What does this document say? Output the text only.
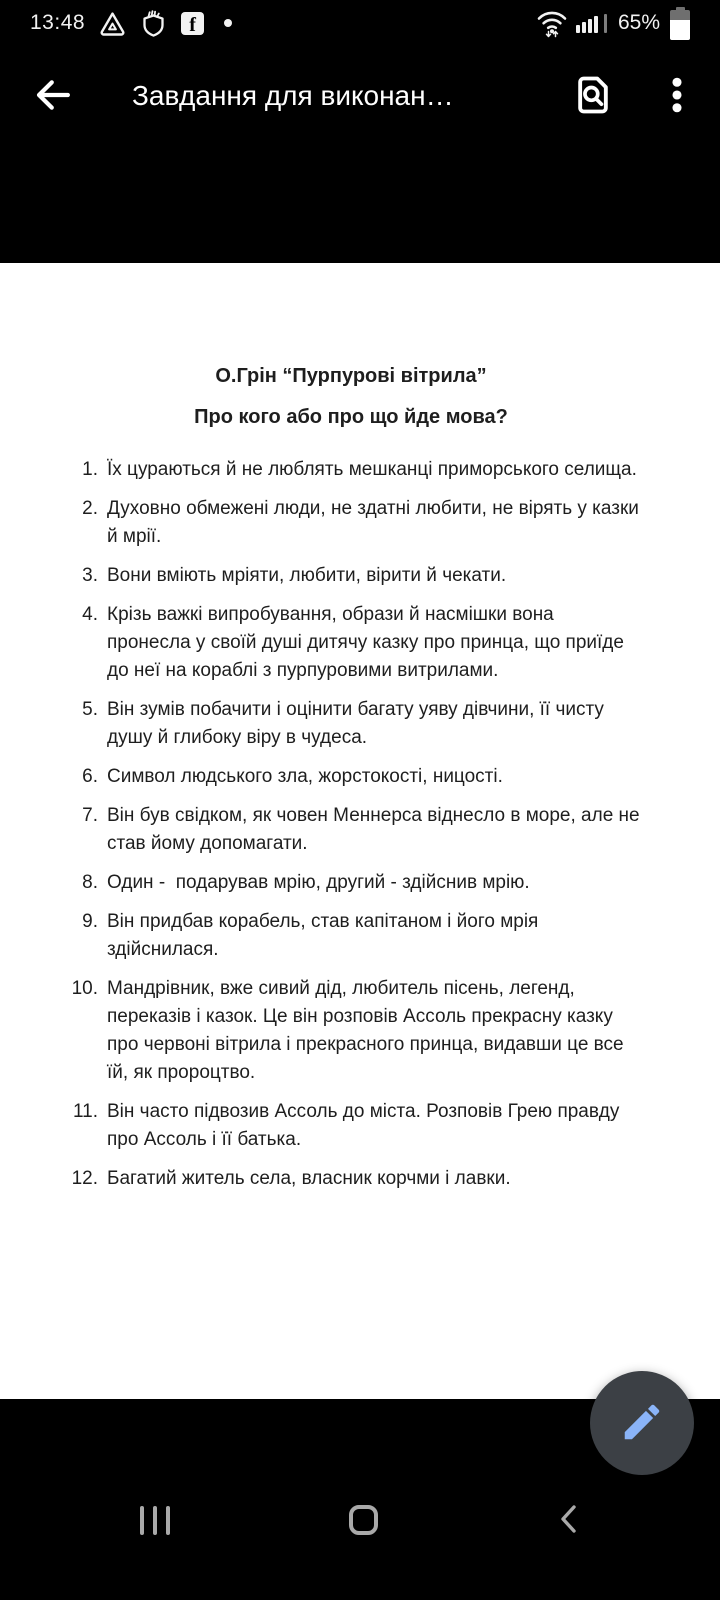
13:48	f	65%
Завдання для виконан…
О.Грін “Пурпурові вітрила”
Про кого або про що йде мова?
1. Їх цураються й не люблять мешканці приморського селища.
2. Духовно обмежені люди, не здатні любити, не вірять у казки й мрії.
3. Вони вміють мріяти, любити, вірити й чекати.
4. Крізь важкі випробування, образи й насмішки вона пронесла у своїй душі дитячу казку про принца, що приїде до неї на кораблі з пурпуровими витрилами.
5. Він зумів побачити і оцінити багату уяву дівчини, її чисту душу й глибоку віру в чудеса.
6. Символ людського зла, жорстокості, ницості.
7. Він був свідком, як човен Меннерса віднесло в море, але не став йому допомагати.
8. Один -  подарував мрію, другий - здійснив мрію.
9. Він придбав корабель, став капітаном і його мрія здійснилася.
10. Мандрівник, вже сивий дід, любитель пісень, легенд, переказів і казок. Це він розповів Ассоль прекрасну казку про червоні вітрила і прекрасного принца, видавши це все їй, як пророцтво.
11. Він часто підвозив Ассоль до міста. Розповів Грею правду про Ассоль і її батька.
12. Багатий житель села, власник корчми і лавки.
